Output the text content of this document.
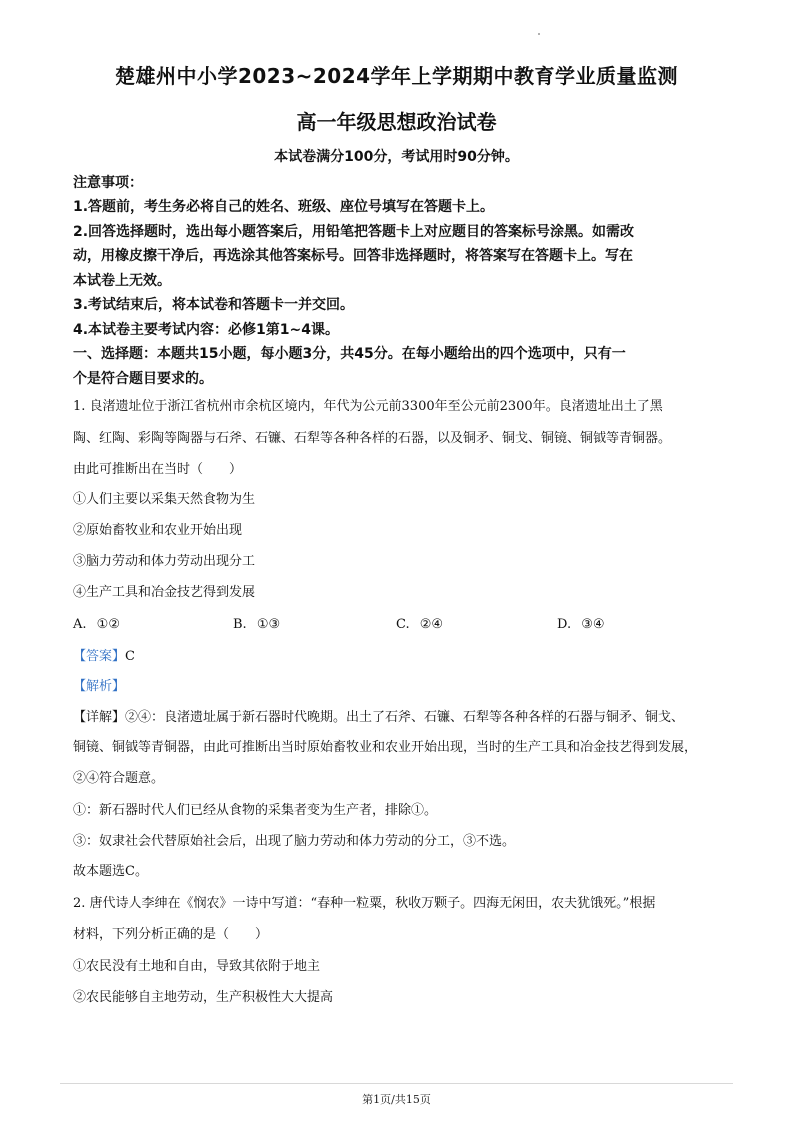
楚雄州中小学2023~2024学年上学期期中教育学业质量监测
高一年级思想政治试卷
本试卷满分100分，考试用时90分钟。
注意事项：
1.答题前，考生务必将自己的姓名、班级、座位号填写在答题卡上。
2.回答选择题时，选出每小题答案后，用铅笔把答题卡上对应题目的答案标号涂黑。如需改
动，用橡皮擦干净后，再选涂其他答案标号。回答非选择题时，将答案写在答题卡上。写在
本试卷上无效。
3.考试结束后，将本试卷和答题卡一并交回。
4.本试卷主要考试内容：必修1第1~4课。
一、选择题：本题共15小题，每小题3分，共45分。在每小题给出的四个选项中，只有一
个是符合题目要求的。
1. 良渚遗址位于浙江省杭州市余杭区境内，年代为公元前3300年至公元前2300年。良渚遗址出土了黑
陶、红陶、彩陶等陶器与石斧、石镰、石犁等各种各样的石器，以及铜矛、铜戈、铜镜、铜钺等青铜器。
由此可推断出在当时（　　）
①人们主要以采集天然食物为生
②原始畜牧业和农业开始出现
③脑力劳动和体力劳动出现分工
④生产工具和冶金技艺得到发展
A. ①②	B. ①③	C. ②④	D. ③④
【答案】C
【解析】
【详解】②④：良渚遗址属于新石器时代晚期。出土了石斧、石镰、石犁等各种各样的石器与铜矛、铜戈、
铜镜、铜钺等青铜器，由此可推断出当时原始畜牧业和农业开始出现，当时的生产工具和冶金技艺得到发展，
②④符合题意。
①：新石器时代人们已经从食物的采集者变为生产者，排除①。
③：奴隶社会代替原始社会后，出现了脑力劳动和体力劳动的分工，③不选。
故本题选C。
2. 唐代诗人李绅在《悯农》一诗中写道：“春种一粒粟，秋收万颗子。四海无闲田，农夫犹饿死。”根据
材料，下列分析正确的是（　　）
①农民没有土地和自由，导致其依附于地主
②农民能够自主地劳动，生产积极性大大提高
第1页/共15页
